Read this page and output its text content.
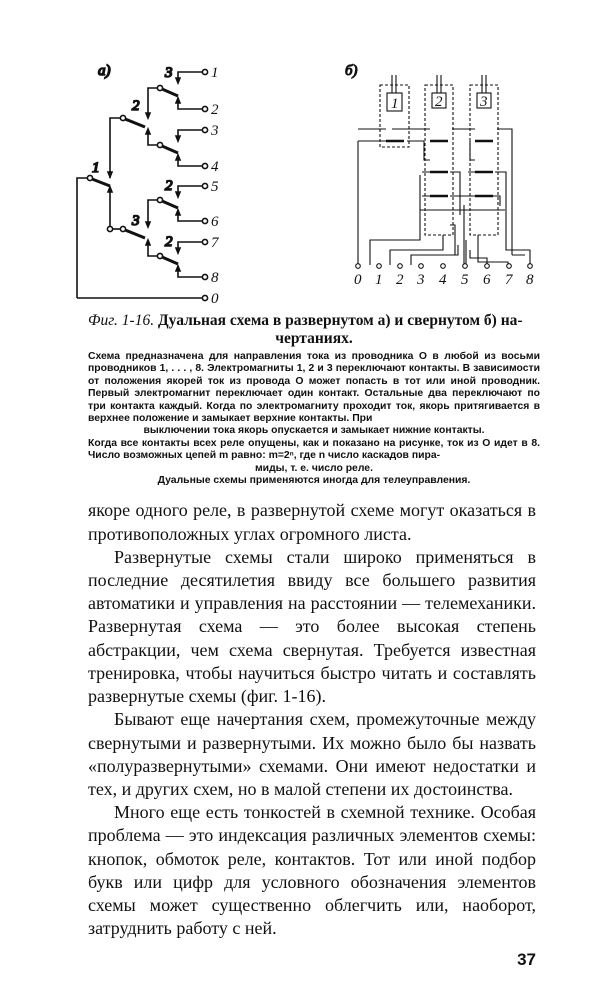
а)
1
2
3
3
2
2
1
2
3
4
5
6
7
8
0
б)
1 2	3
0 1 2 3 4 5 6 7 8
Фиг. 1-16. Дуальная схема в развернутом а) и свернутом б) на-
чертаниях.

Схема предназначена для направления тока из проводника О в любой из восьми проводников 1, . . . , 8. Электромагниты 1, 2 и 3 переключают контакты. В зависимости от положения якорей ток из провода О может попасть в тот или иной проводник. Первый электромагнит переключает один контакт. Остальные два переключают по три контакта каждый. Когда по электромагниту проходит ток, якорь притягивается в верхнее положение и замыкает верхние контакты. При

выключении тока якорь опускается и замыкает нижние контакты.

Когда все контакты всех реле опущены, как и показано на рисунке, ток из О идет в 8. Число возможных цепей m равно: m=2ⁿ, где n число каскадов пира-

миды, т. е. число реле.

Дуальные схемы применяются иногда для телеуправления.

якоре одного реле, в развернутой схеме могут оказаться в противоположных углах огромного листа.

Развернутые схемы стали широко применяться в последние десятилетия ввиду все большего развития автоматики и управления на расстоянии — телемеханики. Развернутая схема — это более высокая степень абстракции, чем схема свернутая. Требуется известная тренировка, чтобы научиться быстро читать и составлять развернутые схемы (фиг. 1-16).

Бывают еще начертания схем, промежуточные между свернутыми и развернутыми. Их можно было бы назвать «полуразвернутыми» схемами. Они имеют недостатки и тех, и других схем, но в малой степени их достоинства.

Много еще есть тонкостей в схемной технике. Особая проблема — это индексация различных элементов схемы: кнопок, обмоток реле, контактов. Тот или иной подбор букв или цифр для условного обозначения элементов схемы может существенно облегчить или, наоборот, затруднить работу с ней.

37
